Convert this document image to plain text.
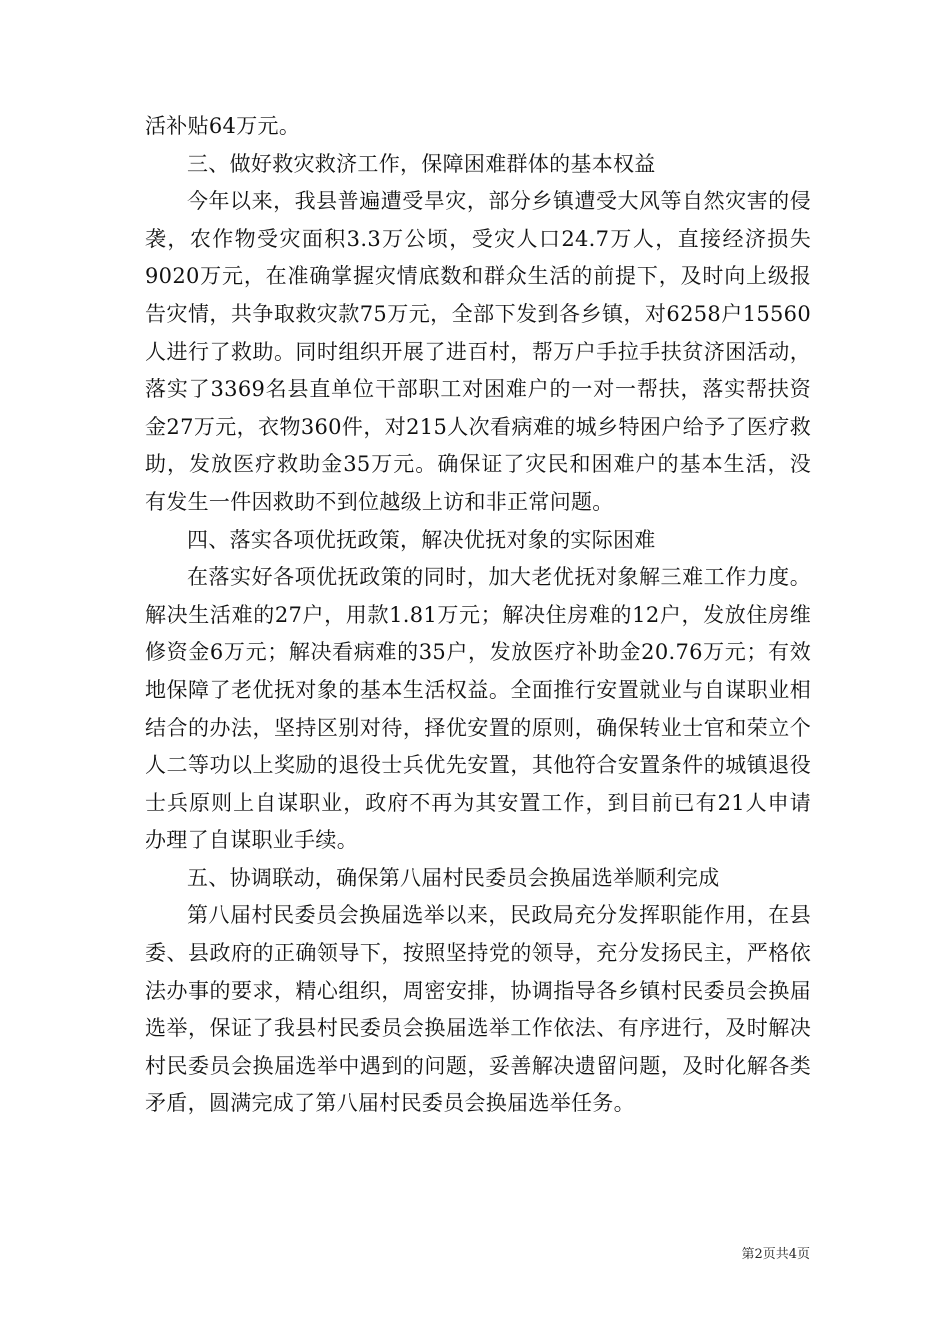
活补贴64万元。

三、做好救灾救济工作，保障困难群体的基本权益

今年以来，我县普遍遭受旱灾，部分乡镇遭受大风等自然灾害的侵袭，农作物受灾面积3.3万公顷，受灾人口24.7万人，直接经济损失9020万元，在准确掌握灾情底数和群众生活的前提下，及时向上级报告灾情，共争取救灾款75万元，全部下发到各乡镇，对6258户15560人进行了救助。同时组织开展了进百村，帮万户手拉手扶贫济困活动，落实了3369名县直单位干部职工对困难户的一对一帮扶，落实帮扶资金27万元，衣物360件，对215人次看病难的城乡特困户给予了医疗救助，发放医疗救助金35万元。确保证了灾民和困难户的基本生活，没有发生一件因救助不到位越级上访和非正常问题。

四、落实各项优抚政策，解决优抚对象的实际困难

在落实好各项优抚政策的同时，加大老优抚对象解三难工作力度。解决生活难的27户，用款1.81万元；解决住房难的12户，发放住房维修资金6万元；解决看病难的35户，发放医疗补助金20.76万元；有效地保障了老优抚对象的基本生活权益。全面推行安置就业与自谋职业相结合的办法，坚持区别对待，择优安置的原则，确保转业士官和荣立个人二等功以上奖励的退役士兵优先安置，其他符合安置条件的城镇退役士兵原则上自谋职业，政府不再为其安置工作，到目前已有21人申请办理了自谋职业手续。

五、协调联动，确保第八届村民委员会换届选举顺利完成

第八届村民委员会换届选举以来，民政局充分发挥职能作用，在县委、县政府的正确领导下，按照坚持党的领导，充分发扬民主，严格依法办事的要求，精心组织，周密安排，协调指导各乡镇村民委员会换届选举，保证了我县村民委员会换届选举工作依法、有序进行，及时解决村民委员会换届选举中遇到的问题，妥善解决遗留问题，及时化解各类矛盾，圆满完成了第八届村民委员会换届选举任务。

第2页共4页
